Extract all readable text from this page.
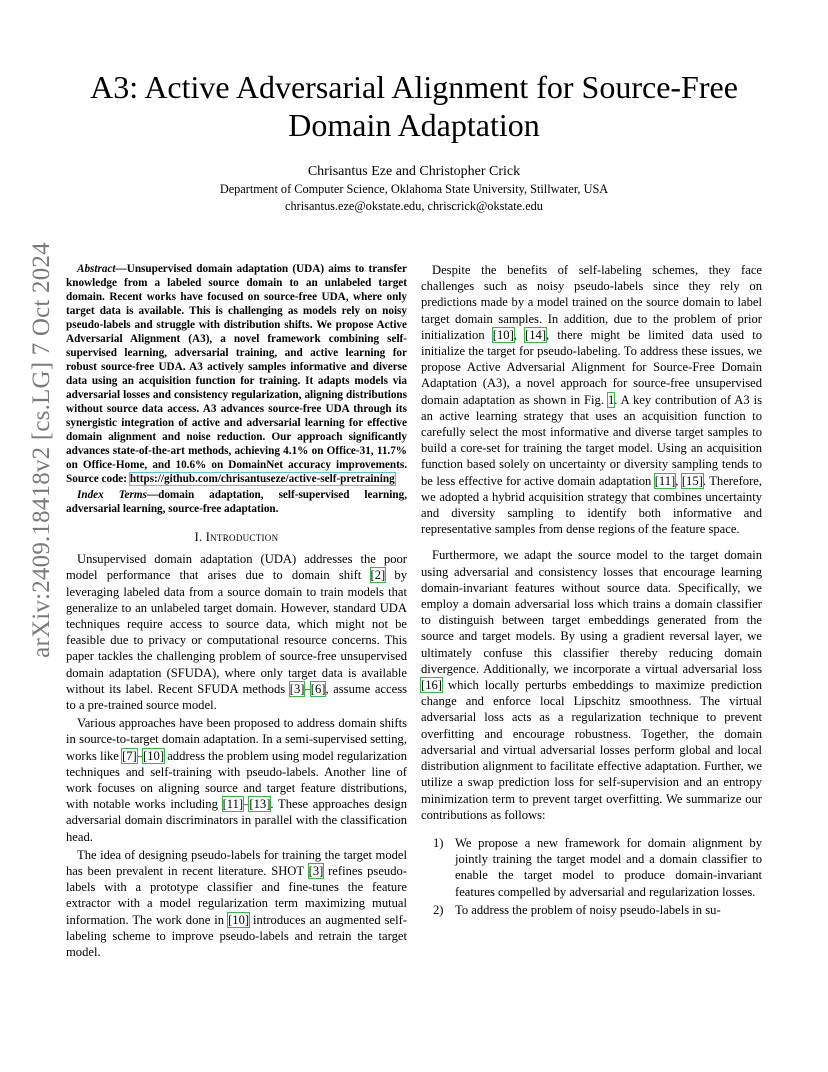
arXiv:2409.18418v2 [cs.LG] 7 Oct 2024
A3: Active Adversarial Alignment for Source-Free
Domain Adaptation
Chrisantus Eze and Christopher Crick
Department of Computer Science, Oklahoma State University, Stillwater, USA
chrisantus.eze@okstate.edu, chriscrick@okstate.edu

Abstract—Unsupervised domain adaptation (UDA) aims to transfer knowledge from a labeled source domain to an unlabeled target domain. Recent works have focused on source-free UDA, where only target data is available. This is challenging as models rely on noisy pseudo-labels and struggle with distribution shifts. We propose Active Adversarial Alignment (A3), a novel framework combining self-supervised learning, adversarial training, and active learning for robust source-free UDA. A3 actively samples informative and diverse data using an acquisition function for training. It adapts models via adversarial losses and consistency regularization, aligning distributions without source data access. A3 advances source-free UDA through its synergistic integration of active and adversarial learning for effective domain alignment and noise reduction. Our approach significantly advances state-of-the-art methods, achieving 4.1% on Office-31, 11.7% on Office-Home, and 10.6% on DomainNet accuracy improvements. Source code: https://github.com/chrisantuseze/active-self-pretraining

Index Terms—domain adaptation, self-supervised learning, adversarial learning, source-free adaptation.

I. Introduction

Unsupervised domain adaptation (UDA) addresses the poor model performance that arises due to domain shift [2] by leveraging labeled data from a source domain to train models that generalize to an unlabeled target domain. However, standard UDA techniques require access to source data, which might not be feasible due to privacy or computational resource concerns. This paper tackles the challenging problem of source-free unsupervised domain adaptation (SFUDA), where only target data is available without its label. Recent SFUDA methods [3]–[6], assume access to a pre-trained source model.

Various approaches have been proposed to address domain shifts in source-to-target domain adaptation. In a semi-supervised setting, works like [7]–[10] address the problem using model regularization techniques and self-training with pseudo-labels. Another line of work focuses on aligning source and target feature distributions, with notable works including [11]–[13]. These approaches design adversarial domain discriminators in parallel with the classification head.

The idea of designing pseudo-labels for training the target model has been prevalent in recent literature. SHOT [3] refines pseudo-labels with a prototype classifier and fine-tunes the feature extractor with a model regularization term maximizing mutual information. The work done in [10] introduces an augmented self-labeling scheme to improve pseudo-labels and retrain the target model.

Despite the benefits of self-labeling schemes, they face challenges such as noisy pseudo-labels since they rely on predictions made by a model trained on the source domain to label target domain samples. In addition, due to the problem of prior initialization [10], [14], there might be limited data used to initialize the target for pseudo-labeling. To address these issues, we propose Active Adversarial Alignment for Source-Free Domain Adaptation (A3), a novel approach for source-free unsupervised domain adaptation as shown in Fig. 1. A key contribution of A3 is an active learning strategy that uses an acquisition function to carefully select the most informative and diverse target samples to build a core-set for training the target model. Using an acquisition function based solely on uncertainty or diversity sampling tends to be less effective for active domain adaptation [11], [15]. Therefore, we adopted a hybrid acquisition strategy that combines uncertainty and diversity sampling to identify both informative and representative samples from dense regions of the feature space.

Furthermore, we adapt the source model to the target domain using adversarial and consistency losses that encourage learning domain-invariant features without source data. Specifically, we employ a domain adversarial loss which trains a domain classifier to distinguish between target embeddings generated from the source and target models. By using a gradient reversal layer, we ultimately confuse this classifier thereby reducing domain divergence. Additionally, we incorporate a virtual adversarial loss [16] which locally perturbs embeddings to maximize prediction change and enforce local Lipschitz smoothness. The virtual adversarial loss acts as a regularization technique to prevent overfitting and encourage robustness. Together, the domain adversarial and virtual adversarial losses perform global and local distribution alignment to facilitate effective adaptation. Further, we utilize a swap prediction loss for self-supervision and an entropy minimization term to prevent target overfitting. We summarize our contributions as follows:

1) We propose a new framework for domain alignment by jointly training the target model and a domain classifier to enable the target model to produce domain-invariant features compelled by adversarial and regularization losses.
2) To address the problem of noisy pseudo-labels in su-
